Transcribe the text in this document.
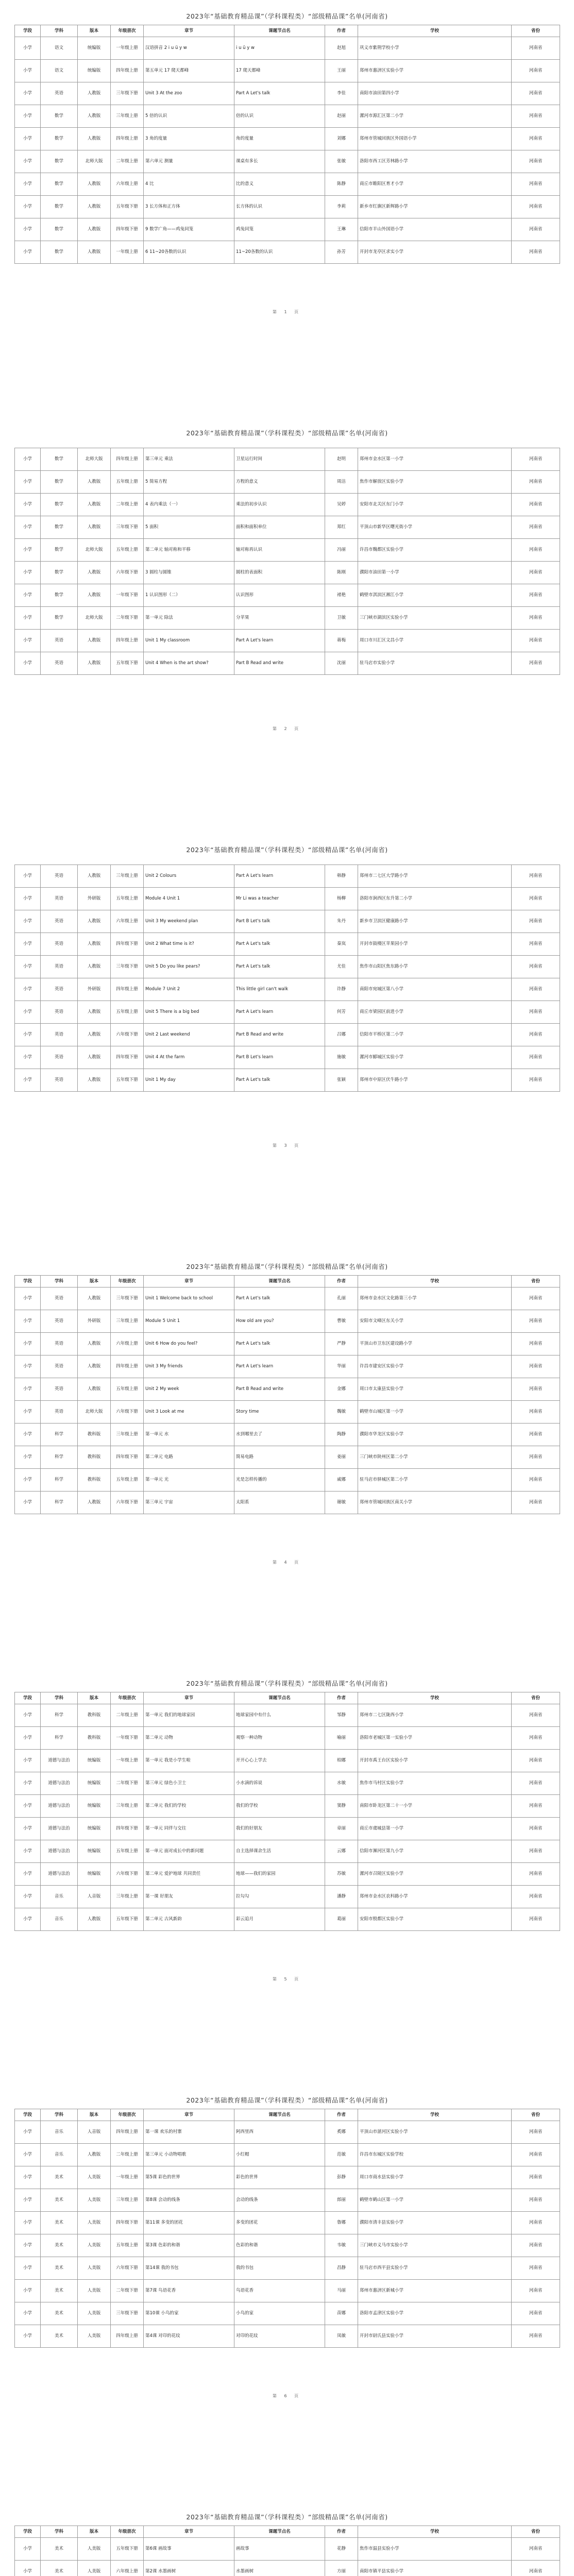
2023年“基础教育精品课”（学科课程类）“部级精品课”名单(河南省)
学段	学科	版本	年级册次	章节	课题节点名	作者	学校	省份
小学	语文	统编版	一年级上册	汉语拼音 2 i u ü y w	i u ü y w	赵旭	巩义市紫荆学校小学	河南省
小学	语文	统编版	四年级上册	第五单元 17 爬天都峰	17 爬天都峰	王丽	郑州市惠济区实验小学	河南省
小学	英语	人教版	三年级下册	Unit 3 At the zoo	Part A Let's talk	李佳	南阳市油田第四小学	河南省
小学	数学	人教版	三年级上册	5 倍的认识	倍的认识	赵丽	漯河市源汇区第二小学	河南省
小学	数学	人教版	四年级上册	3 角的度量	角的度量	刘娜	郑州市管城回族区外国语小学	河南省
小学	数学	北师大版	二年级上册	第六单元 测量	课桌有多长	张敏	洛阳市西工区芳林路小学	河南省
小学	数学	人教版	六年级上册	4 比	比的意义	陈静	商丘市睢阳区育才小学	河南省
小学	数学	人教版	五年级下册	3 长方体和正方体	长方体的认识	李莉	新乡市红旗区新辉路小学	河南省
小学	数学	人教版	四年级下册	9 数学广角——鸡兔同笼	鸡兔同笼	王琳	信阳市羊山外国语小学	河南省
小学	数学	人教版	一年级上册	6 11~20各数的认识	11~20各数的认识	孙芳	开封市龙亭区求实小学	河南省
第 1 页
2023年“基础教育精品课”（学科课程类）“部级精品课”名单(河南省)
小学	数学	北师大版	四年级上册	第三单元 乘法	卫星运行时间	赵明	郑州市金水区第一小学	河南省
小学	数学	人教版	五年级上册	5 简易方程	方程的意义	周洁	焦作市解放区实验小学	河南省
小学	数学	人教版	二年级上册	4 表内乘法（一）	乘法的初步认识	吴婷	安阳市北关区东门小学	河南省
小学	数学	人教版	三年级下册	5 面积	面积和面积单位	郑红	平顶山市新华区曙光街小学	河南省
小学	数学	北师大版	五年级上册	第二单元 轴对称和平移	轴对称再认识	冯丽	许昌市魏都区实验小学	河南省
小学	数学	人教版	六年级下册	3 圆柱与圆锥	圆柱的表面积	陈刚	濮阳市油田第一小学	河南省
小学	数学	人教版	一年级下册	1 认识图形（二）	认识图形	褚艳	鹤壁市淇滨区湘江小学	河南省
小学	数学	北师大版	二年级下册	第一单元 除法	分苹果	卫敏	三门峡市湖滨区实验小学	河南省
小学	英语	人教版	四年级上册	Unit 1 My classroom	Part A Let's learn	蒋梅	周口市川汇区文昌小学	河南省
小学	英语	人教版	五年级下册	Unit 4 When is the art show?	Part B Read and write	沈丽	驻马店市实验小学	河南省
第 2 页
2023年“基础教育精品课”（学科课程类）“部级精品课”名单(河南省)
小学	英语	人教版	三年级上册	Unit 2 Colours	Part A Let's learn	韩静	郑州市二七区大学路小学	河南省
小学	英语	外研版	五年级上册	Module 4 Unit 1	Mr Li was a teacher	杨柳	洛阳市涧西区东升第二小学	河南省
小学	英语	人教版	六年级上册	Unit 3 My weekend plan	Part B Let's talk	朱丹	新乡市卫滨区健康路小学	河南省
小学	英语	人教版	四年级下册	Unit 2 What time is it?	Part A Let's talk	秦岚	开封市鼓楼区苹果园小学	河南省
小学	英语	人教版	三年级下册	Unit 5 Do you like pears?	Part A Let's talk	尤佳	焦作市山阳区焦东路小学	河南省
小学	英语	外研版	四年级上册	Module 7 Unit 2	This little girl can't walk	许静	南阳市宛城区第八小学	河南省
小学	英语	人教版	五年级上册	Unit 5 There is a big bed	Part A Let's learn	何芳	商丘市梁园区前进小学	河南省
小学	英语	人教版	六年级下册	Unit 2 Last weekend	Part B Read and write	吕娜	信阳市平桥区第二小学	河南省
小学	英语	人教版	四年级下册	Unit 4 At the farm	Part B Let's learn	施敏	漯河市郾城区实验小学	河南省
小学	英语	人教版	五年级下册	Unit 1 My day	Part A Let's talk	张颖	郑州市中原区伏牛路小学	河南省
第 3 页
2023年“基础教育精品课”（学科课程类）“部级精品课”名单(河南省)
学段	学科	版本	年级册次	章节	课题节点名	作者	学校	省份
小学	英语	人教版	三年级下册	Unit 1 Welcome back to school	Part A Let's talk	孔丽	郑州市金水区文化路第三小学	河南省
小学	英语	外研版	三年级上册	Module 5 Unit 1	How old are you?	曹敏	安阳市文峰区东关小学	河南省
小学	英语	人教版	六年级上册	Unit 6 How do you feel?	Part A Let's talk	严静	平顶山市卫东区建设路小学	河南省
小学	英语	人教版	四年级上册	Unit 3 My friends	Part A Let's learn	华丽	许昌市建安区实验小学	河南省
小学	英语	人教版	五年级上册	Unit 2 My week	Part B Read and write	金娜	周口市太康县实验小学	河南省
小学	英语	北师大版	六年级下册	Unit 3 Look at me	Story time	魏敏	鹤壁市山城区第一小学	河南省
小学	科学	教科版	三年级上册	第一单元 水	水到哪里去了	陶静	濮阳市华龙区实验小学	河南省
小学	科学	教科版	四年级下册	第二单元 电路	简易电路	姜丽	三门峡市陕州区第二小学	河南省
小学	科学	教科版	五年级上册	第一单元 光	光是怎样传播的	戚娜	驻马店市驿城区第二小学	河南省
小学	科学	人教版	六年级下册	第三单元 宇宙	太阳系	谢敏	郑州市管城回族区南关小学	河南省
第 4 页
2023年“基础教育精品课”（学科课程类）“部级精品课”名单(河南省)
学段	学科	版本	年级册次	章节	课题节点名	作者	学校	省份
小学	科学	教科版	二年级上册	第一单元 我们的地球家园	地球家园中有什么	邹静	郑州市二七区陇西小学	河南省
小学	科学	教科版	一年级下册	第二单元 动物	观察一种动物	喻丽	洛阳市老城区第一实验小学	河南省
小学	道德与法治	统编版	一年级上册	第一单元 我是小学生啦	开开心心上学去	柏娜	开封市禹王台区实验小学	河南省
小学	道德与法治	统编版	二年级下册	第三单元 绿色小卫士	小水滴的诉说	水敏	焦作市马村区实验小学	河南省
小学	道德与法治	统编版	三年级上册	第二单元 我们的学校	我们的学校	窦静	南阳市卧龙区第二十一小学	河南省
小学	道德与法治	统编版	四年级下册	第一单元 同伴与交往	我们的好朋友	章丽	商丘市虞城县第一小学	河南省
小学	道德与法治	统编版	五年级上册	第一单元 面对成长中的新问题	自主选择课余生活	云娜	信阳市浉河区第九小学	河南省
小学	道德与法治	统编版	六年级下册	第二单元 爱护地球 共同责任	地球——我们的家园	苏敏	漯河市召陵区实验小学	河南省
小学	音乐	人音版	三年级上册	第一课 好朋友	拉勾勾	潘静	郑州市金水区农科路小学	河南省
小学	音乐	人教版	五年级下册	第二单元 古风新韵	彩云追月	葛丽	安阳市殷都区实验小学	河南省
第 5 页
2023年“基础教育精品课”（学科课程类）“部级精品课”名单(河南省)
学段	学科	版本	年级册次	章节	课题节点名	作者	学校	省份
小学	音乐	人音版	四年级上册	第一课 欢乐的村寨	阿西里西	奚娜	平顶山市湛河区实验小学	河南省
小学	音乐	人教版	二年级上册	第三单元 小动物唱歌	小红帽	范敏	许昌市东城区实验学校	河南省
小学	美术	人美版	一年级上册	第5课 彩色的世界	彩色的世界	彭静	周口市商水县实验小学	河南省
小学	美术	人美版	三年级上册	第8课 会动的线条	会动的线条	郎丽	鹤壁市鹤山区第一小学	河南省
小学	美术	人美版	四年级下册	第11课 多变的团花	多变的团花	鲁娜	濮阳市清丰县实验小学	河南省
小学	美术	人美版	五年级上册	第3课 色彩的和谐	色彩的和谐	韦敏	三门峡市义马市实验小学	河南省
小学	美术	人美版	六年级下册	第14课 我的书包	我的书包	昌静	驻马店市西平县实验小学	河南省
小学	美术	人美版	二年级下册	第7课 鸟语花香	鸟语花香	马丽	郑州市惠济区新城小学	河南省
小学	美术	人美版	三年级下册	第10课 小鸟的家	小鸟的家	苗娜	洛阳市孟津区实验小学	河南省
小学	美术	人美版	四年级上册	第4课 对印的花纹	对印的花纹	凤敏	开封市尉氏县实验小学	河南省
第 6 页
2023年“基础教育精品课”（学科课程类）“部级精品课”名单(河南省)
学段	学科	版本	年级册次	章节	课题节点名	作者	学校	省份
小学	美术	人美版	五年级下册	第6课 画故事	画故事	花静	焦作市温县实验小学	河南省
小学	美术	人美版	六年级上册	第2课 水墨画树	水墨画树	方丽	南阳市镇平县实验小学	河南省
